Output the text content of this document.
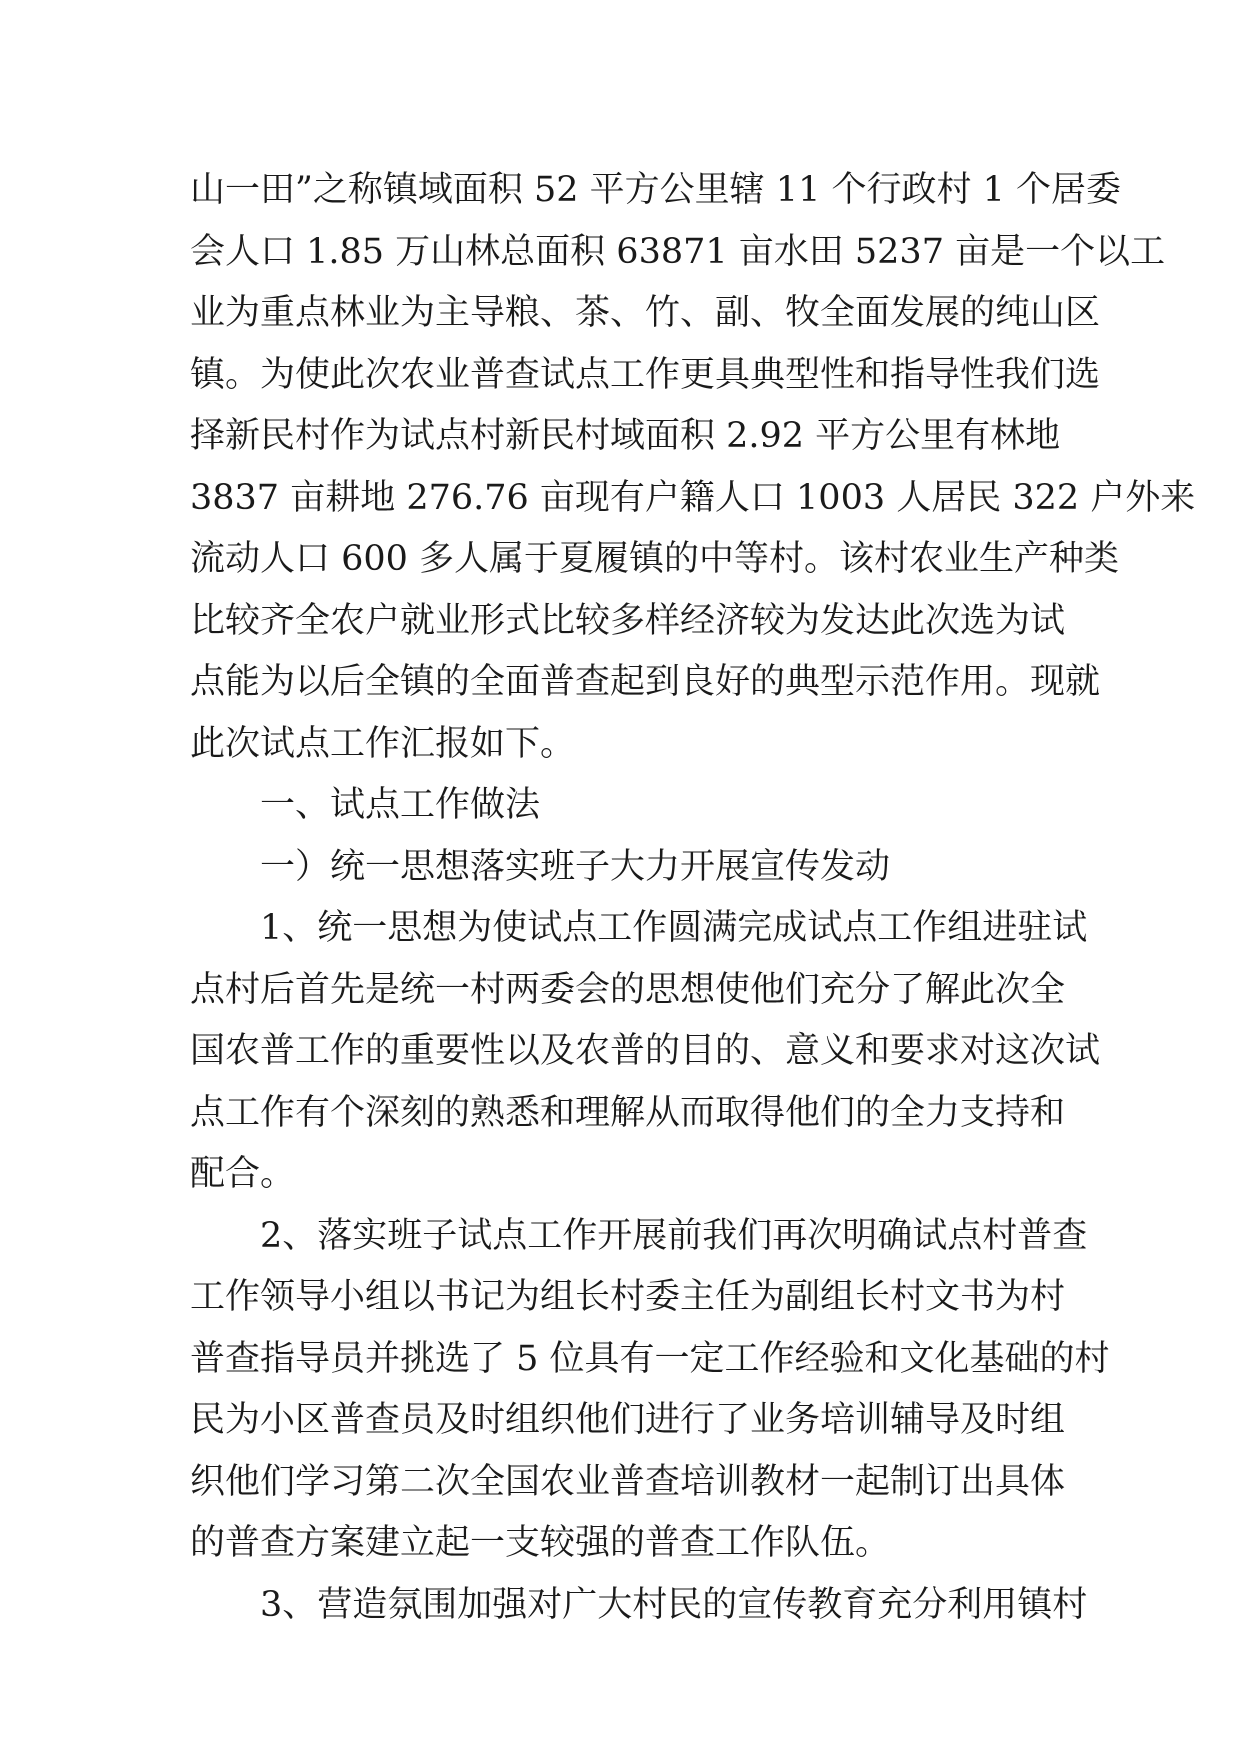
山一田”之称镇域面积 52 平方公里辖 11 个行政村 1 个居委
会人口 1.85 万山林总面积 63871 亩水田 5237 亩是一个以工
业为重点林业为主导粮、茶、竹、副、牧全面发展的纯山区
镇。为使此次农业普查试点工作更具典型性和指导性我们选
择新民村作为试点村新民村域面积 2.92 平方公里有林地
3837 亩耕地 276.76 亩现有户籍人口 1003 人居民 322 户外来
流动人口 600 多人属于夏履镇的中等村。该村农业生产种类
比较齐全农户就业形式比较多样经济较为发达此次选为试
点能为以后全镇的全面普查起到良好的典型示范作用。现就
此次试点工作汇报如下。
一、试点工作做法
一）统一思想落实班子大力开展宣传发动
1、统一思想为使试点工作圆满完成试点工作组进驻试
点村后首先是统一村两委会的思想使他们充分了解此次全
国农普工作的重要性以及农普的目的、意义和要求对这次试
点工作有个深刻的熟悉和理解从而取得他们的全力支持和
配合。
2、落实班子试点工作开展前我们再次明确试点村普查
工作领导小组以书记为组长村委主任为副组长村文书为村
普查指导员并挑选了 5 位具有一定工作经验和文化基础的村
民为小区普查员及时组织他们进行了业务培训辅导及时组
织他们学习第二次全国农业普查培训教材一起制订出具体
的普查方案建立起一支较强的普查工作队伍。
3、营造氛围加强对广大村民的宣传教育充分利用镇村
